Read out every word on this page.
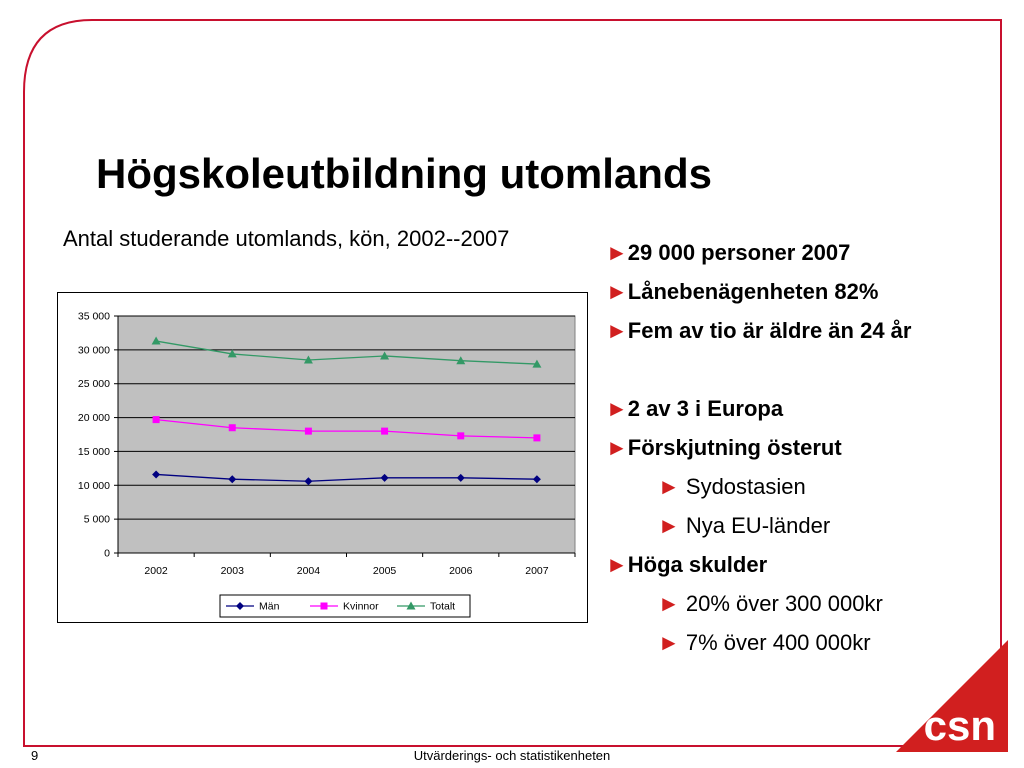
Högskoleutbildning utomlands
Antal studerande utomlands, kön, 2002--2007
0
5 000
10 000
15 000
20 000
25 000
30 000
35 000
2002	2003	2004	2005	2006	2007
Män	Kvinnor	Totalt
►29 000 personer 2007
►Lånebenägenheten 82%
►Fem av tio är äldre än 24 år
►2 av 3 i Europa
►Förskjutning österut
► Sydostasien
► Nya EU-länder
►Höga skulder
► 20% över 300 000kr
► 7% över 400 000kr
csn
9	Utvärderings- och statistikenheten
